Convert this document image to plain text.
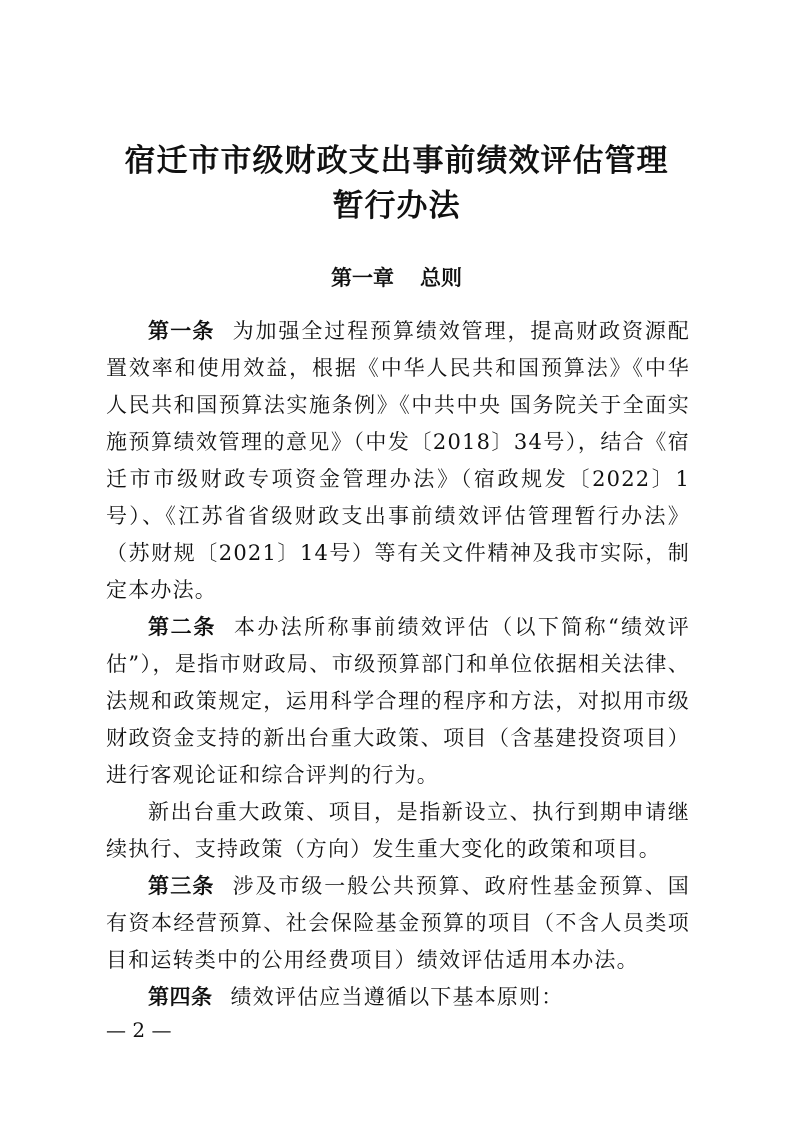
宿迁市市级财政支出事前绩效评估管理
暂行办法
第一章 总则

第一条 为加强全过程预算绩效管理，提高财政资源配置效率和使用效益，根据《中华人民共和国预算法》《中华人民共和国预算法实施条例》《中共中央 国务院关于全面实施预算绩效管理的意见》（中发〔2018〕34号），结合《宿迁市市级财政专项资金管理办法》（宿政规发〔2022〕1号）、《江苏省省级财政支出事前绩效评估管理暂行办法》（苏财规〔2021〕14号）等有关文件精神及我市实际，制定本办法。

第二条 本办法所称事前绩效评估（以下简称“绩效评估”），是指市财政局、市级预算部门和单位依据相关法律、法规和政策规定，运用科学合理的程序和方法，对拟用市级财政资金支持的新出台重大政策、项目（含基建投资项目）进行客观论证和综合评判的行为。

新出台重大政策、项目，是指新设立、执行到期申请继续执行、支持政策（方向）发生重大变化的政策和项目。

第三条 涉及市级一般公共预算、政府性基金预算、国有资本经营预算、社会保险基金预算的项目（不含人员类项目和运转类中的公用经费项目）绩效评估适用本办法。

第四条 绩效评估应当遵循以下基本原则：

— 2 —
